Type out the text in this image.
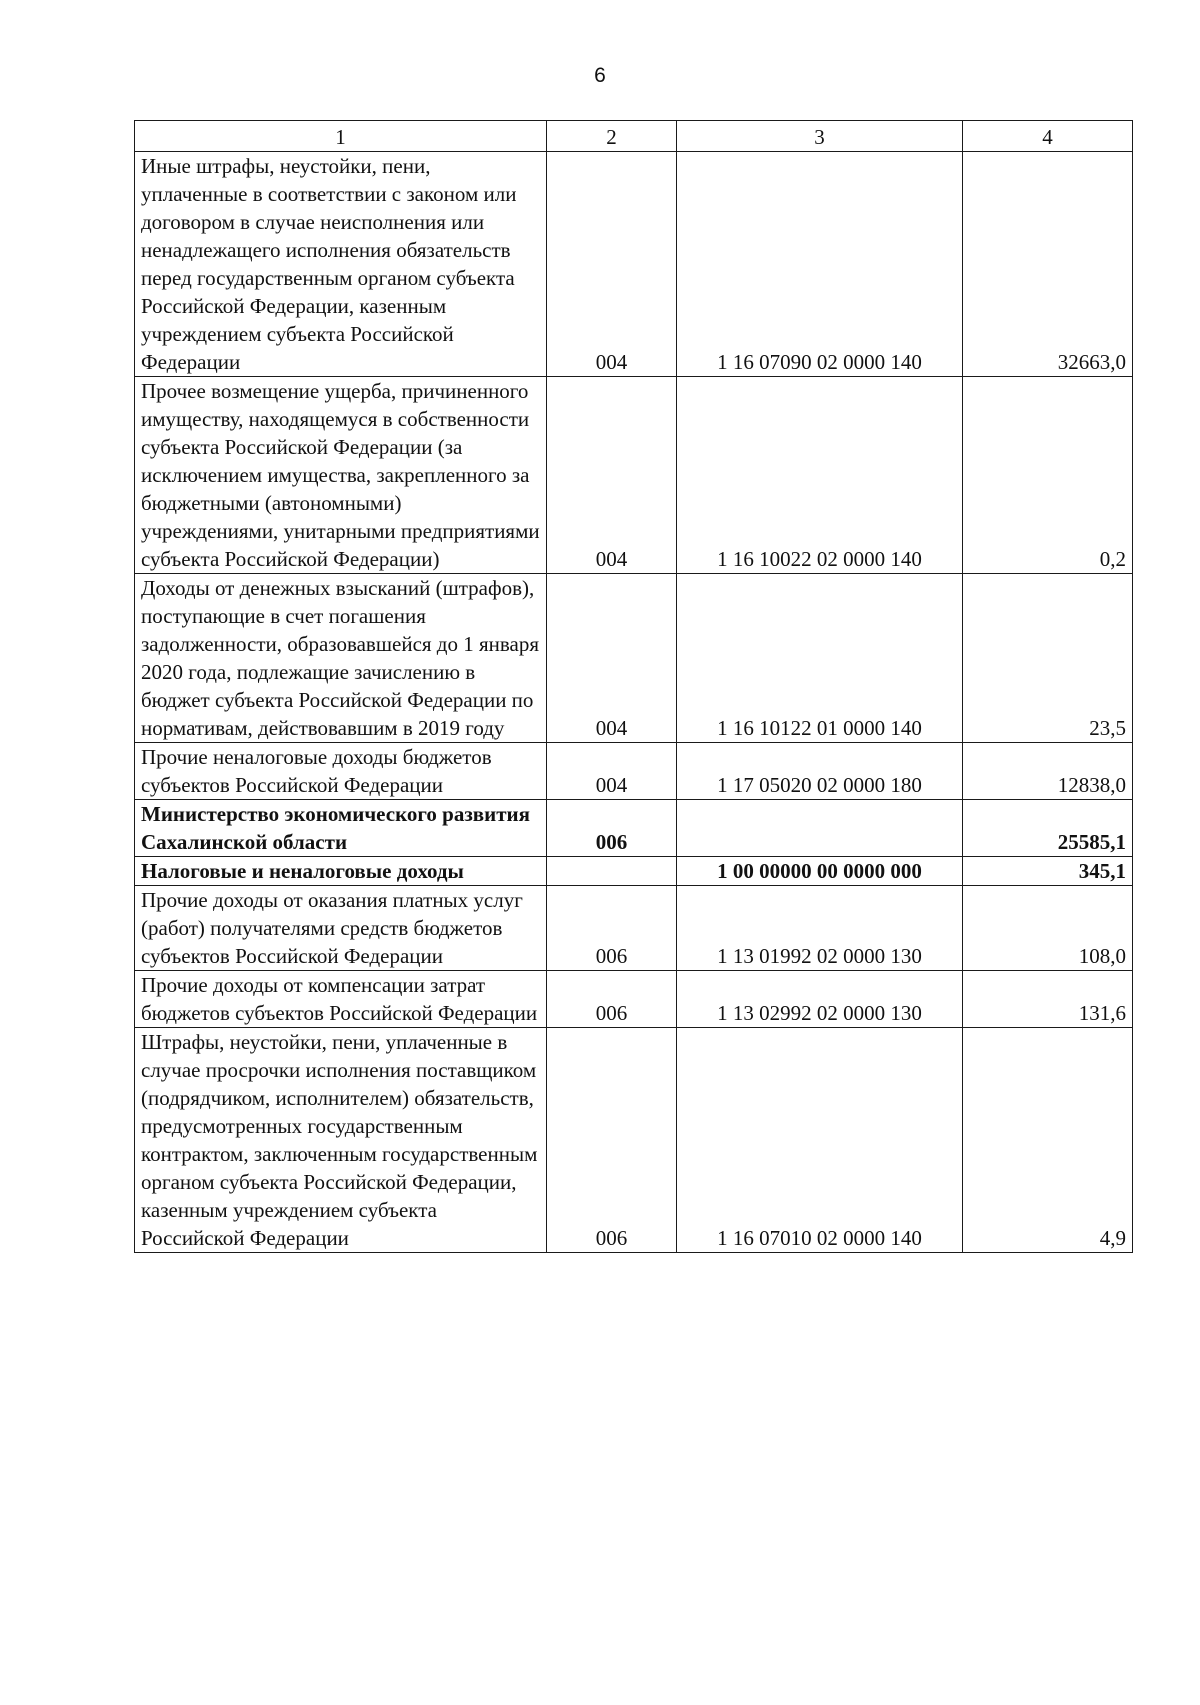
6
1	2	3	4
Иные штрафы, неустойки, пени, уплаченные в соответствии с законом или договором в случае неисполнения или ненадлежащего исполнения обязательств перед государственным органом субъекта Российской Федерации, казенным учреждением субъекта Российской Федерации	004	1 16 07090 02 0000 140	32663,0
Прочее возмещение ущерба, причиненного имуществу, находящемуся в собственности субъекта Российской Федерации (за исключением имущества, закрепленного за бюджетными (автономными) учреждениями, унитарными предприятиями субъекта Российской Федерации)	004	1 16 10022 02 0000 140	0,2
Доходы от денежных взысканий (штрафов), поступающие в счет погашения задолженности, образовавшейся до 1 января 2020 года, подлежащие зачислению в бюджет субъекта Российской Федерации по нормативам, действовавшим в 2019 году	004	1 16 10122 01 0000 140	23,5
Прочие неналоговые доходы бюджетов субъектов Российской Федерации	004	1 17 05020 02 0000 180	12838,0
Министерство экономического развития Сахалинской области	006		25585,1
Налоговые и неналоговые доходы		1 00 00000 00 0000 000	345,1
Прочие доходы от оказания платных услуг (работ) получателями средств бюджетов субъектов Российской Федерации	006	1 13 01992 02 0000 130	108,0
Прочие доходы от компенсации затрат бюджетов субъектов Российской Федерации	006	1 13 02992 02 0000 130	131,6
Штрафы, неустойки, пени, уплаченные в случае просрочки исполнения поставщиком (подрядчиком, исполнителем) обязательств, предусмотренных государственным контрактом, заключенным государственным органом субъекта Российской Федерации, казенным учреждением субъекта Российской Федерации	006	1 16 07010 02 0000 140	4,9
